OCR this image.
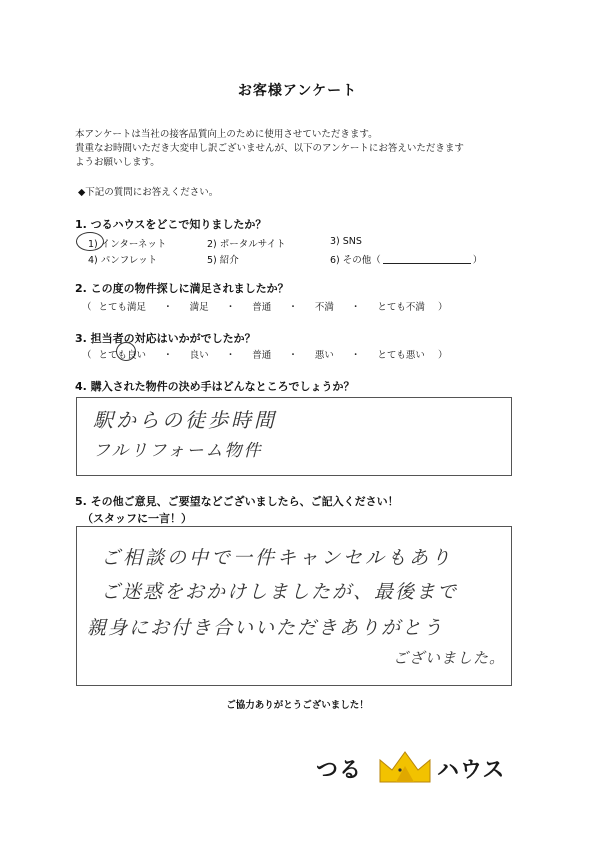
お客様アンケート
本アンケートは当社の接客品質向上のために使用させていただきます。
貴重なお時間いただき大変申し訳ございませんが、以下のアンケートにお答えいただきます
ようお願いします。
◆下記の質問にお答えください。
1. つるハウスをどこで知りましたか？
1) インターネット	2) ポータルサイト	3) SNS
4) パンフレット	5) 紹介	6) その他（	）
2. この度の物件探しに満足されましたか？
（ とても満足 ・ 満足 ・ 普通 ・ 不満 ・ とても不満 ）
3. 担当者の対応はいかがでしたか？
（ とても良い ・ 良い ・ 普通 ・ 悪い ・ とても悪い ）
4. 購入された物件の決め手はどんなところでしょうか？
駅からの徒歩時間
フルリフォーム物件
5. その他ご意見、ご要望などございましたら、ご記入ください！
（スタッフに一言！）
ご相談の中で一件キャンセルもあり
ご迷惑をおかけしましたが、最後まで
親身にお付き合いいただきありがとう
ございました。
ご協力ありがとうございました！
つる	ハウス
